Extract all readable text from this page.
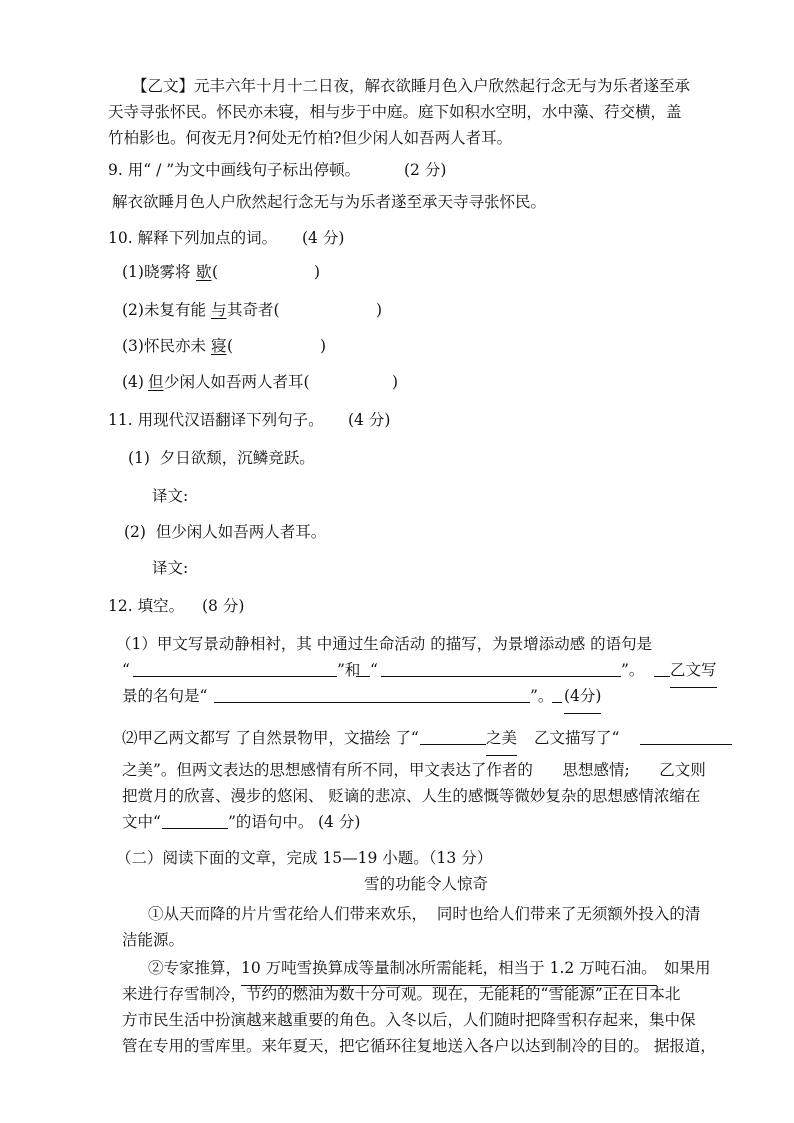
【乙文】元丰六年十月十二日夜，解衣欲睡月色入户欣然起行念无与为乐者遂至承
天寺寻张怀民。怀民亦未寝，相与步于中庭。庭下如积水空明，水中藻、荇交横，盖
竹柏影也。何夜无月?何处无竹柏?但少闲人如吾两人者耳。
9. 用“ / ”为文中画线句子标出停顿。	(2 分)
解衣欲睡月色人户欣然起行念无与为乐者遂至承天寺寻张怀民。
10. 解释下列加点的词。 (4 分)
(1)晓雾将 歇 (	)
(2)未复有能 与 其奇者(	)
(3)怀民亦未 寝 (	)
(4) 但 少闲人如吾两人者耳(	)
11. 用现代汉语翻译下列句子。 (4 分)
(1)  夕日欲颓，沉鳞竞跃。
译文:
(2)  但少闲人如吾两人者耳。
译文:
12. 填空。 (8 分)
（1）甲文写景动静相衬，其 中通过生命活动 的描写，为景增添动感 的语句是
“	”和 “	”。 乙文写
景的名句是“	”。 (4分)
⑵甲乙两文都写 了自然景物甲，文描绘 了“	之美 乙文描写了“
之美”。但两文表达的思想感情有所不同，甲文表达了作者的      思想感情;      乙文则
把赏月的欣喜、漫步的悠闲、 贬谪的悲凉、人生的感慨等微妙复杂的思想感情浓缩在
文中“	”的语句中。 (4 分)
（二）阅读下面的文章，完成 15—19 小题。（13 分）
雪的功能令人惊奇
①从天而降的片片雪花给人们带来欢乐，  同时也给人们带来了无须额外投入的清
洁能源。
②专家推算， 10 万吨雪换算成等量制冰所需能耗，相当于 1.2 万吨石油。 如果用
来进行存雪制冷，节约的燃油为数十分可观。现在，无能耗的“雪能源”正在日本北
方市民生活中扮演越来越重要的角色。入冬以后，人们随时把降雪积存起来，集中保
管在专用的雪库里。来年夏天，把它循环往复地送入各户以达到制冷的目的。 据报道，
